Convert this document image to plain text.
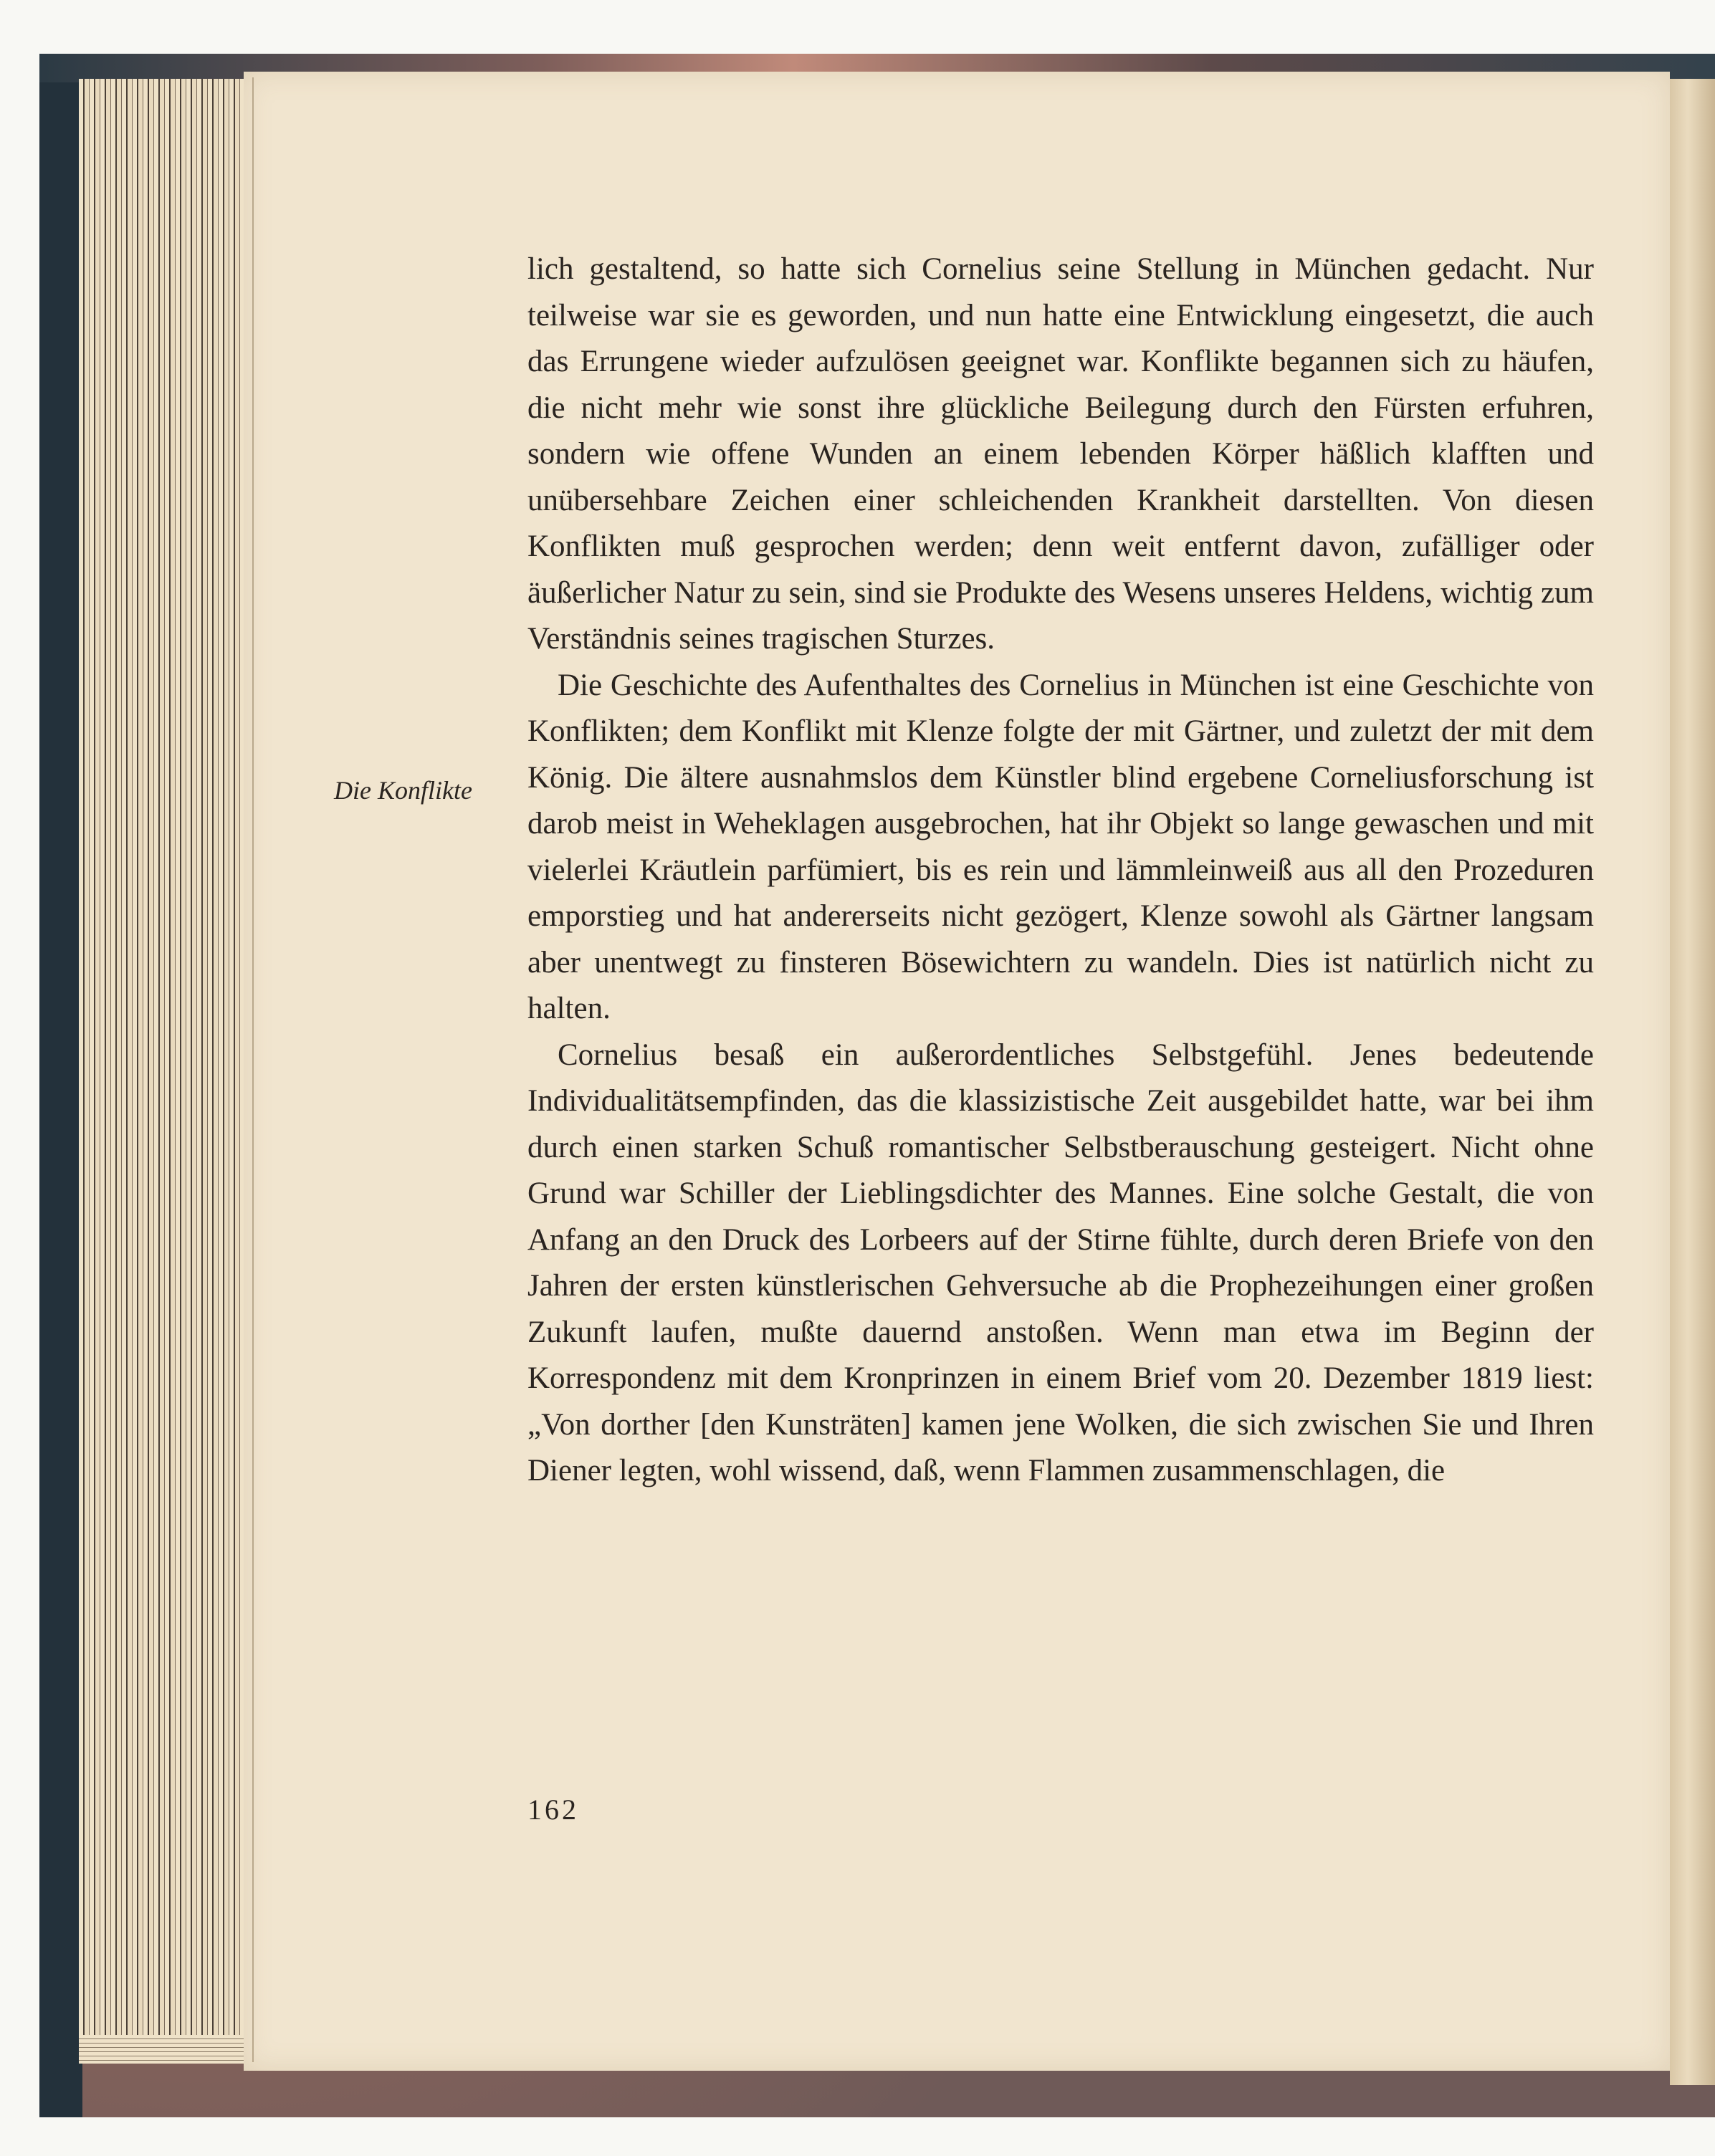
Die Konflikte

lich gestaltend, so hatte sich Cornelius seine Stellung in München gedacht. Nur teilweise war sie es geworden, und nun hatte eine Entwicklung eingesetzt, die auch das Errungene wieder aufzulösen geeignet war. Konflikte begannen sich zu häufen, die nicht mehr wie sonst ihre glückliche Beilegung durch den Fürsten erfuhren, sondern wie offene Wunden an einem lebenden Körper häßlich klafften und unübersehbare Zeichen einer schleichenden Krankheit darstellten. Von diesen Konflikten muß gesprochen werden; denn weit entfernt davon, zufälliger oder äußerlicher Natur zu sein, sind sie Produkte des Wesens unseres Heldens, wichtig zum Verständnis seines tragischen Sturzes.

Die Geschichte des Aufenthaltes des Cornelius in München ist eine Geschichte von Konflikten; dem Konflikt mit Klenze folgte der mit Gärtner, und zuletzt der mit dem König. Die ältere ausnahmslos dem Künstler blind ergebene Corneliusforschung ist darob meist in Weheklagen ausgebrochen, hat ihr Objekt so lange gewaschen und mit vielerlei Kräutlein parfümiert, bis es rein und lämmleinweiß aus all den Prozeduren emporstieg und hat andererseits nicht gezögert, Klenze sowohl als Gärtner langsam aber unentwegt zu finsteren Bösewichtern zu wandeln. Dies ist natürlich nicht zu halten.

Cornelius besaß ein außerordentliches Selbstgefühl. Jenes bedeutende Individualitätsempfinden, das die klassizistische Zeit ausgebildet hatte, war bei ihm durch einen starken Schuß romantischer Selbstberauschung gesteigert. Nicht ohne Grund war Schiller der Lieblingsdichter des Mannes. Eine solche Gestalt, die von Anfang an den Druck des Lorbeers auf der Stirne fühlte, durch deren Briefe von den Jahren der ersten künstlerischen Gehversuche ab die Prophezeihungen einer großen Zukunft laufen, mußte dauernd anstoßen. Wenn man etwa im Beginn der Korrespondenz mit dem Kronprinzen in einem Brief vom 20. Dezember 1819 liest: „Von dorther [den Kunsträten] kamen jene Wolken, die sich zwischen Sie und Ihren Diener legten, wohl wissend, daß, wenn Flammen zusammenschlagen, die

162
